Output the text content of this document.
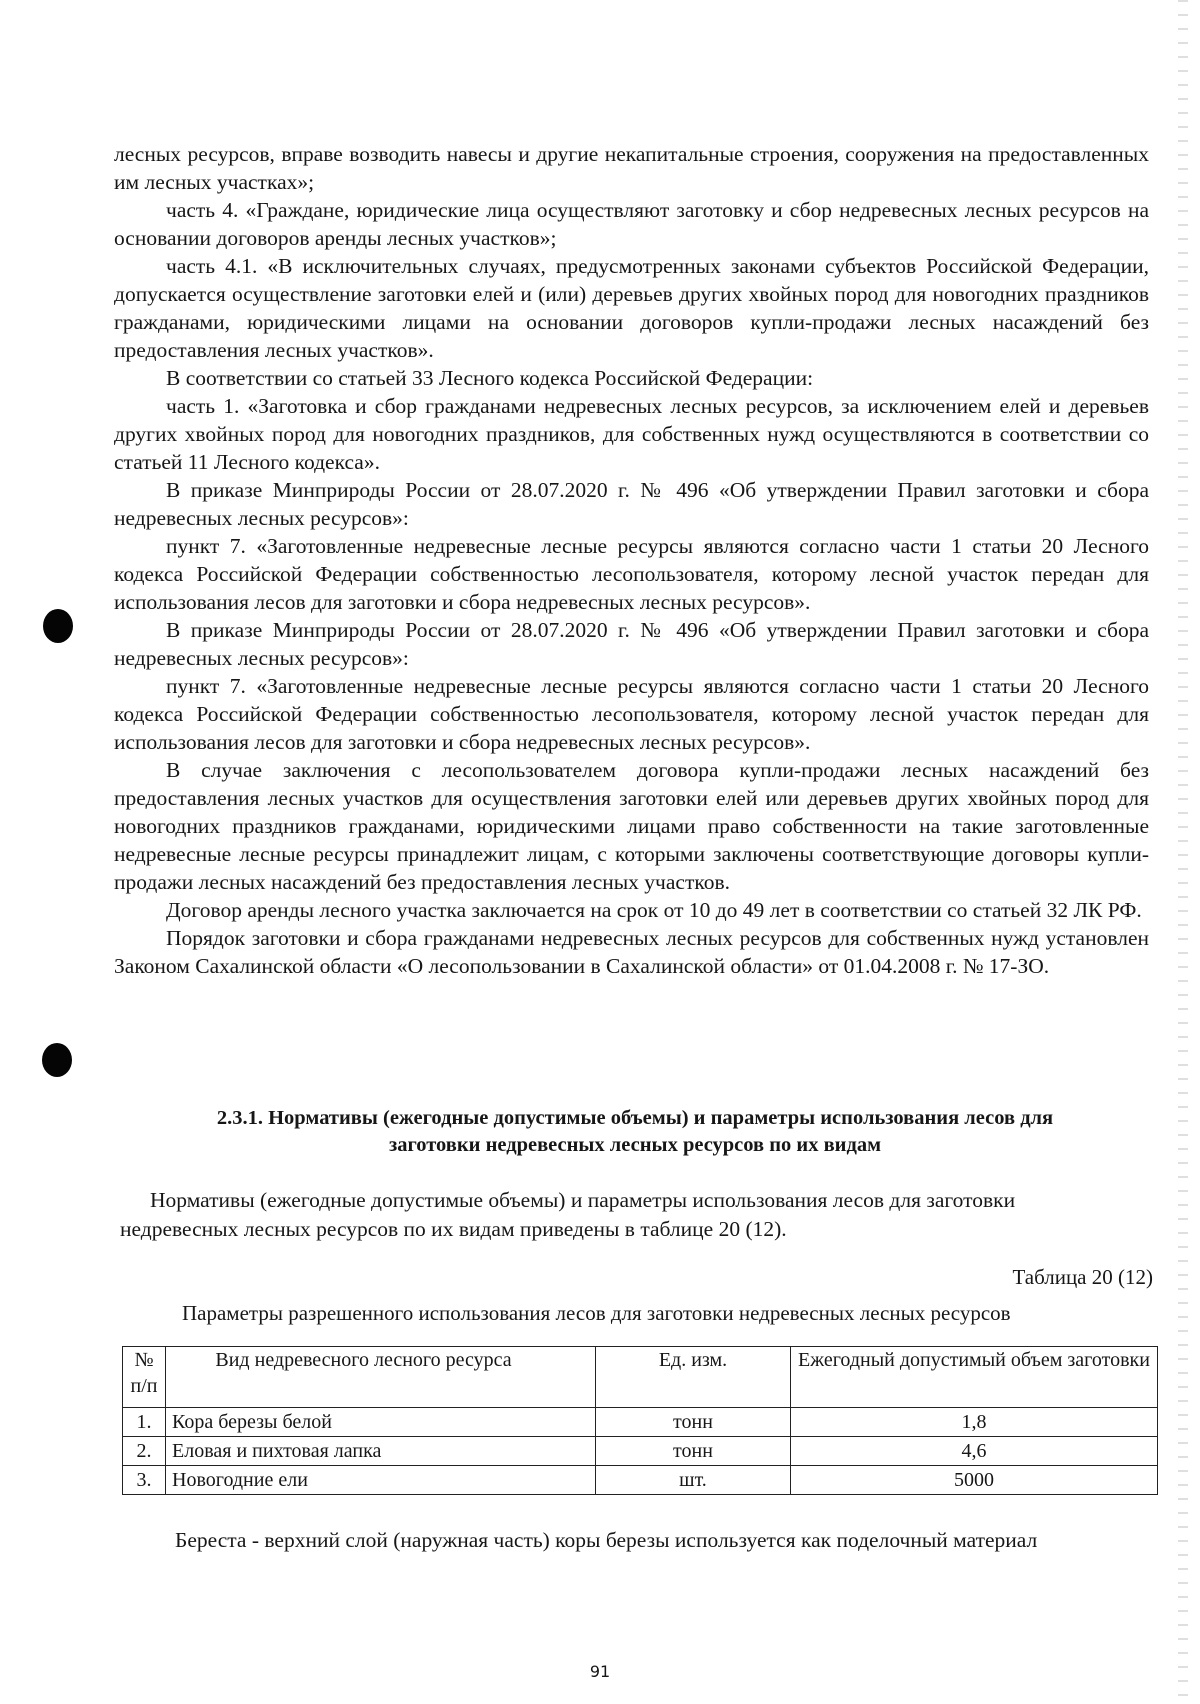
лесных ресурсов, вправе возводить навесы и другие некапитальные строения, сооружения на предоставленных им лесных участках»;

часть 4. «Граждане, юридические лица осуществляют заготовку и сбор недревесных лесных ресурсов на основании договоров аренды лесных участков»;

часть 4.1. «В исключительных случаях, предусмотренных законами субъектов Российской Федерации, допускается осуществление заготовки елей и (или) деревьев других хвойных пород для новогодних праздников гражданами, юридическими лицами на основании договоров купли-продажи лесных насаждений без предоставления лесных участков».

В соответствии со статьей 33 Лесного кодекса Российской Федерации:

часть 1. «Заготовка и сбор гражданами недревесных лесных ресурсов, за исключением елей и деревьев других хвойных пород для новогодних праздников, для собственных нужд осуществляются в соответствии со статьей 11 Лесного кодекса».

В приказе Минприроды России от 28.07.2020 г. № 496 «Об утверждении Правил заготовки и сбора недревесных лесных ресурсов»:

пункт 7. «Заготовленные недревесные лесные ресурсы являются согласно части 1 статьи 20 Лесного кодекса Российской Федерации собственностью лесопользователя, которому лесной участок передан для использования лесов для заготовки и сбора недревесных лесных ресурсов».

В приказе Минприроды России от 28.07.2020 г. № 496 «Об утверждении Правил заготовки и сбора недревесных лесных ресурсов»:

пункт 7. «Заготовленные недревесные лесные ресурсы являются согласно части 1 статьи 20 Лесного кодекса Российской Федерации собственностью лесопользователя, которому лесной участок передан для использования лесов для заготовки и сбора недревесных лесных ресурсов».

В случае заключения с лесопользователем договора купли-продажи лесных насаждений без предоставления лесных участков для осуществления заготовки елей или деревьев других хвойных пород для новогодних праздников гражданами, юридическими лицами право собственности на такие заготовленные недревесные лесные ресурсы принадлежит лицам, с которыми заключены соответствующие договоры купли-продажи лесных насаждений без предоставления лесных участков.

Договор аренды лесного участка заключается на срок от 10 до 49 лет в соответствии со статьей 32 ЛК РФ.

Порядок заготовки и сбора гражданами недревесных лесных ресурсов для собственных нужд установлен Законом Сахалинской области «О лесопользовании в Сахалинской области» от 01.04.2008 г. № 17-ЗО.

2.3.1. Нормативы (ежегодные допустимые объемы) и параметры использования лесов для
заготовки недревесных лесных ресурсов по их видам
Нормативы (ежегодные допустимые объемы) и параметры использования лесов для заготовки
недревесных лесных ресурсов по их видам приведены в таблице 20 (12).
Таблица 20 (12)
Параметры разрешенного использования лесов для заготовки недревесных лесных ресурсов
№ п/п	Вид недревесного лесного ресурса	Ед. изм.	Ежегодный допустимый объем заготовки
1.	Кора березы белой	тонн	1,8
2.	Еловая и пихтовая лапка	тонн	4,6
3.	Новогодние ели	шт.	5000
Береста - верхний слой (наружная часть) коры березы используется как поделочный материал
91
